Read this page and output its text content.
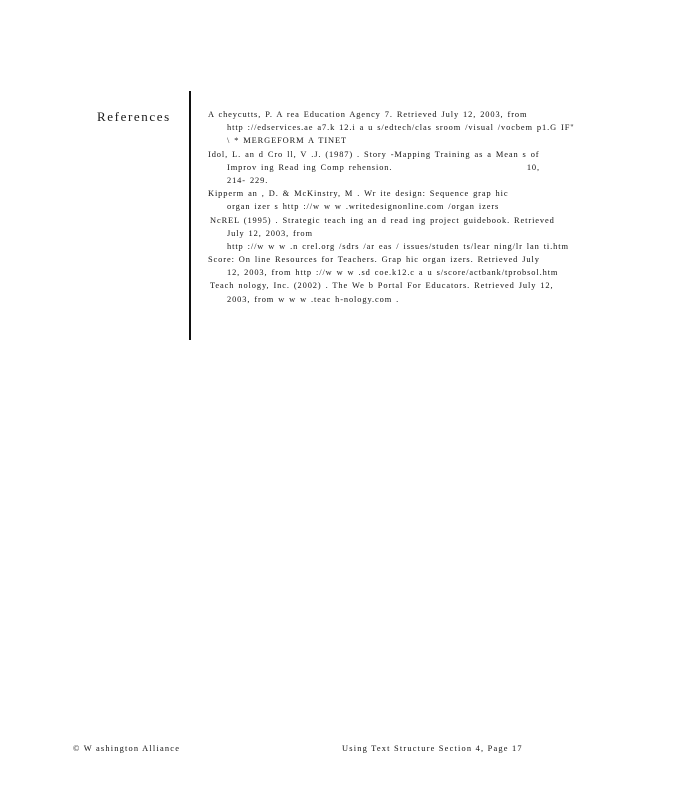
References	A cheycutts, P. A rea Education Agency 7. Retrieved July 12, 2003, from
http ://edservices.ae a7.k 12.i a u s/edtech/clas sroom /visual /vocbem p1.G IF"
\ * MERGEFORM A TINET
Idol, L. an d Cro ll, V .J. (1987) . Story -Mapping Training as a Mean s of
Improv ing Read ing Comp rehension.	10,
214- 229.
Kipperm an , D. & McKinstry, M . Wr ite design: Sequence grap hic
organ izer s http ://w w w .writedesignonline.com /organ izers
NcREL (1995) . Strategic teach ing an d read ing project guidebook. Retrieved
July 12, 2003, from
http ://w w w .n crel.org /sdrs /ar eas / issues/studen ts/lear ning/lr lan ti.htm
Score: On line Resources for Teachers. Grap hic organ izers. Retrieved July
12, 2003, from http ://w w w .sd coe.k12.c a u s/score/actbank/tprobsol.htm
Teach nology, Inc. (2002) . The We b Portal For Educators. Retrieved July 12,
2003, from w w w .teac h-nology.com .
© W ashington Alliance	Using Text Structure Section 4, Page 17
